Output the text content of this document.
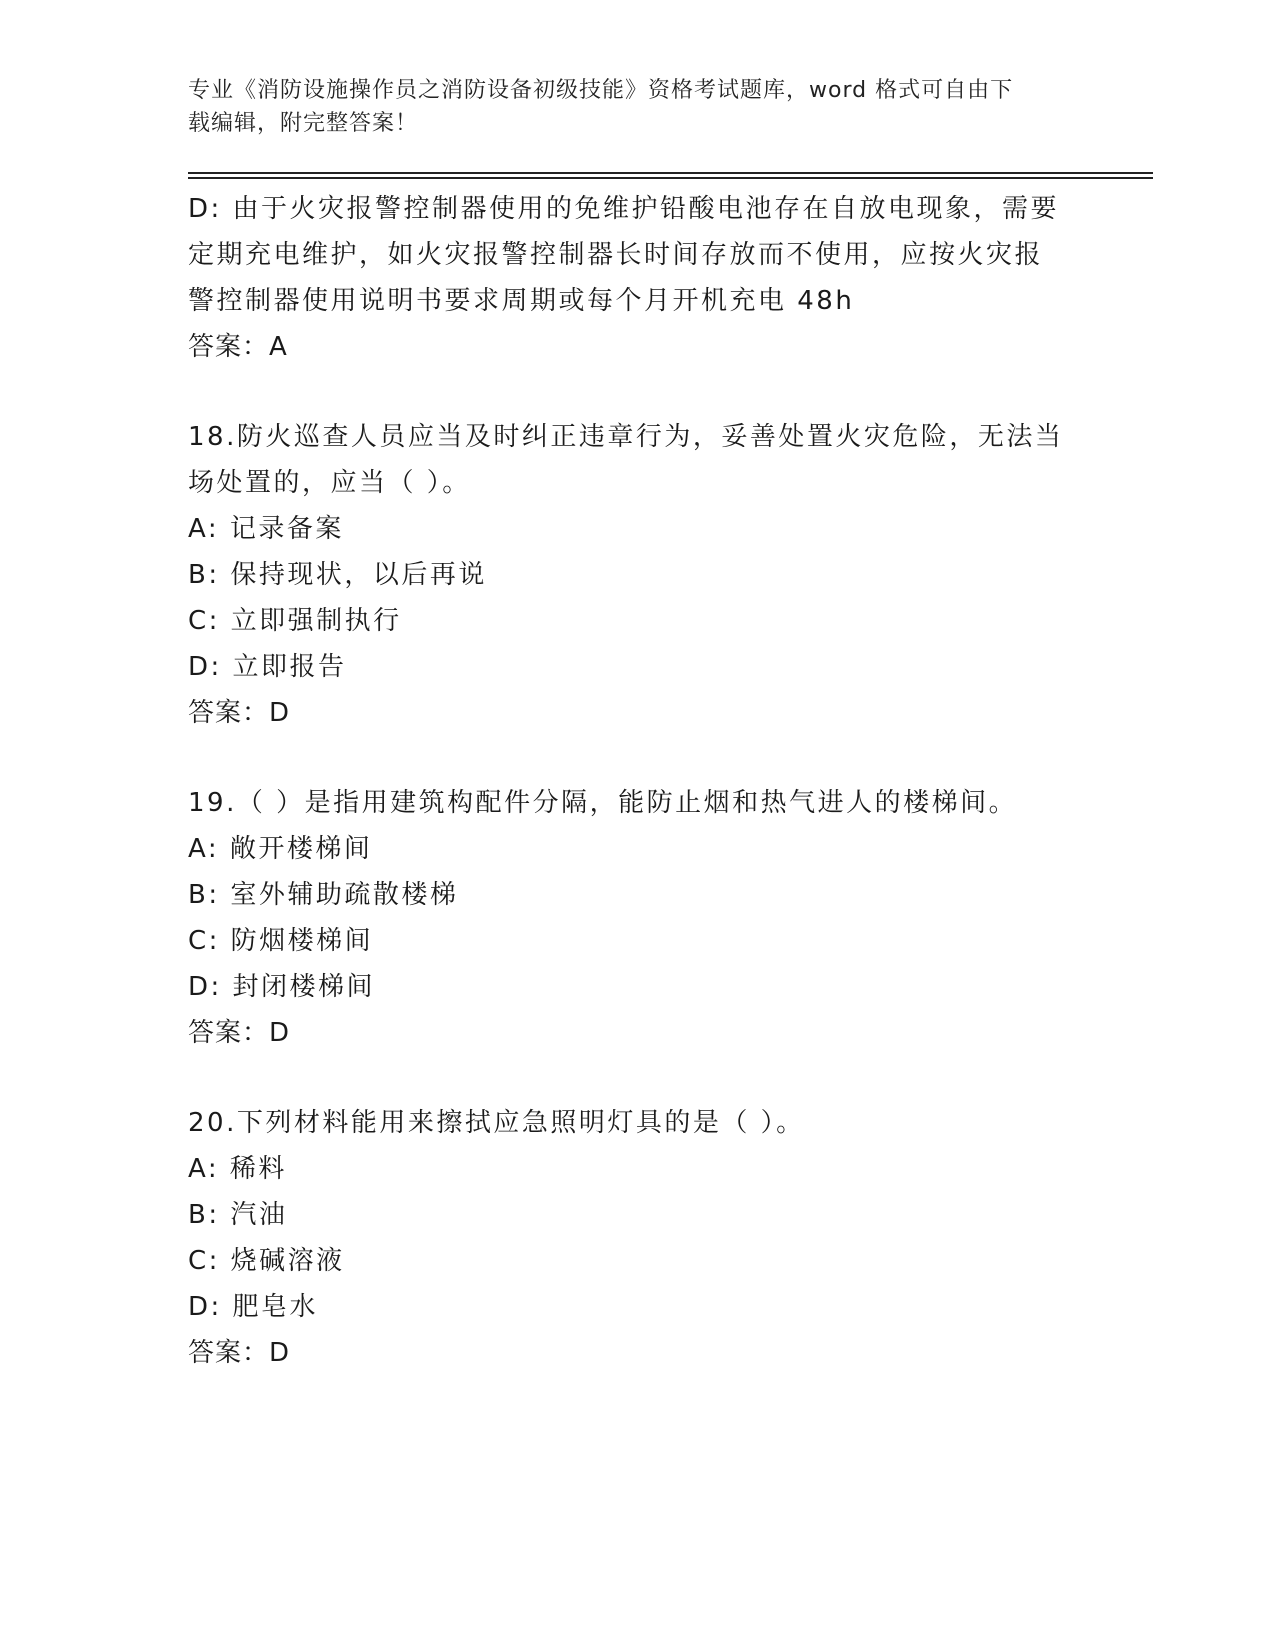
专业《消防设施操作员之消防设备初级技能》资格考试题库，word 格式可自由下
载编辑，附完整答案！
D: 由于火灾报警控制器使用的免维护铅酸电池存在自放电现象，需要
定期充电维护，如火灾报警控制器长时间存放而不使用，应按火灾报
警控制器使用说明书要求周期或每个月开机充电 48h
答案：A
18.防火巡查人员应当及时纠正违章行为，妥善处置火灾危险，无法当
场处置的，应当（ ）。
A: 记录备案
B: 保持现状，以后再说
C: 立即强制执行
D: 立即报告
答案：D
19.（ ）是指用建筑构配件分隔，能防止烟和热气进人的楼梯间。
A: 敞开楼梯间
B: 室外辅助疏散楼梯
C: 防烟楼梯间
D: 封闭楼梯间
答案：D
20.下列材料能用来擦拭应急照明灯具的是（ ）。
A: 稀料
B: 汽油
C: 烧碱溶液
D: 肥皂水
答案：D
